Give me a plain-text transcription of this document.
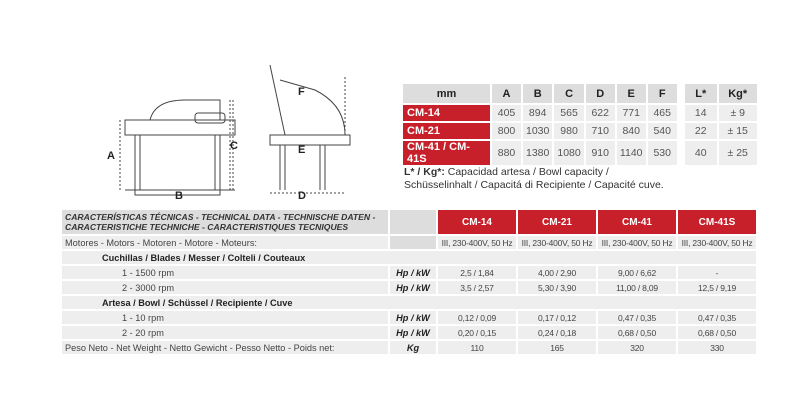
A
B
C
F
E
D
mm	A	B	C	D	E	F		L*	Kg*
CM-14	405	894	565	622	771	465		14	± 9
CM-21	800	1030	980	710	840	540		22	± 15
CM-41 / CM-41S	880	1380	1080	910	1140	530		40	± 25
L* / Kg*: Capacidad artesa / Bowl capacity /
Schüsselinhalt / Capacitá di Recipiente / Capacité cuve.
CARACTERÍSTICAS TÉCNICAS - TECHNICAL DATA - TECHNISCHE DATEN -
CARACTERISTICHE TECHNICHE - CARACTERISTIQUES TECNIQUES		CM-14	CM-21	CM-41	CM-41S
Motores - Motors - Motoren - Motore - Moteurs:		III, 230-400V, 50 Hz	III, 230-400V, 50 Hz	III, 230-400V, 50 Hz	III, 230-400V, 50 Hz
Cuchillas / Blades / Messer / Colteli / Couteaux					
1 - 1500 rpm	Hp / kW	2,5 / 1,84	4,00 / 2,90	9,00 / 6,62	-
2 - 3000 rpm	Hp / kW	3,5 / 2,57	5,30 / 3,90	11,00 / 8,09	12,5 / 9,19
Artesa / Bowl / Schüssel / Recipiente / Cuve					
1 - 10 rpm	Hp / kW	0,12 / 0,09	0,17 / 0,12	0,47 / 0,35	0,47 / 0,35
2 - 20 rpm	Hp / kW	0,20 / 0,15	0,24 / 0,18	0,68 / 0,50	0,68 / 0,50
Peso Neto - Net Weight - Netto Gewicht - Pesso Netto - Poids net:	Kg	110	165	320	330
